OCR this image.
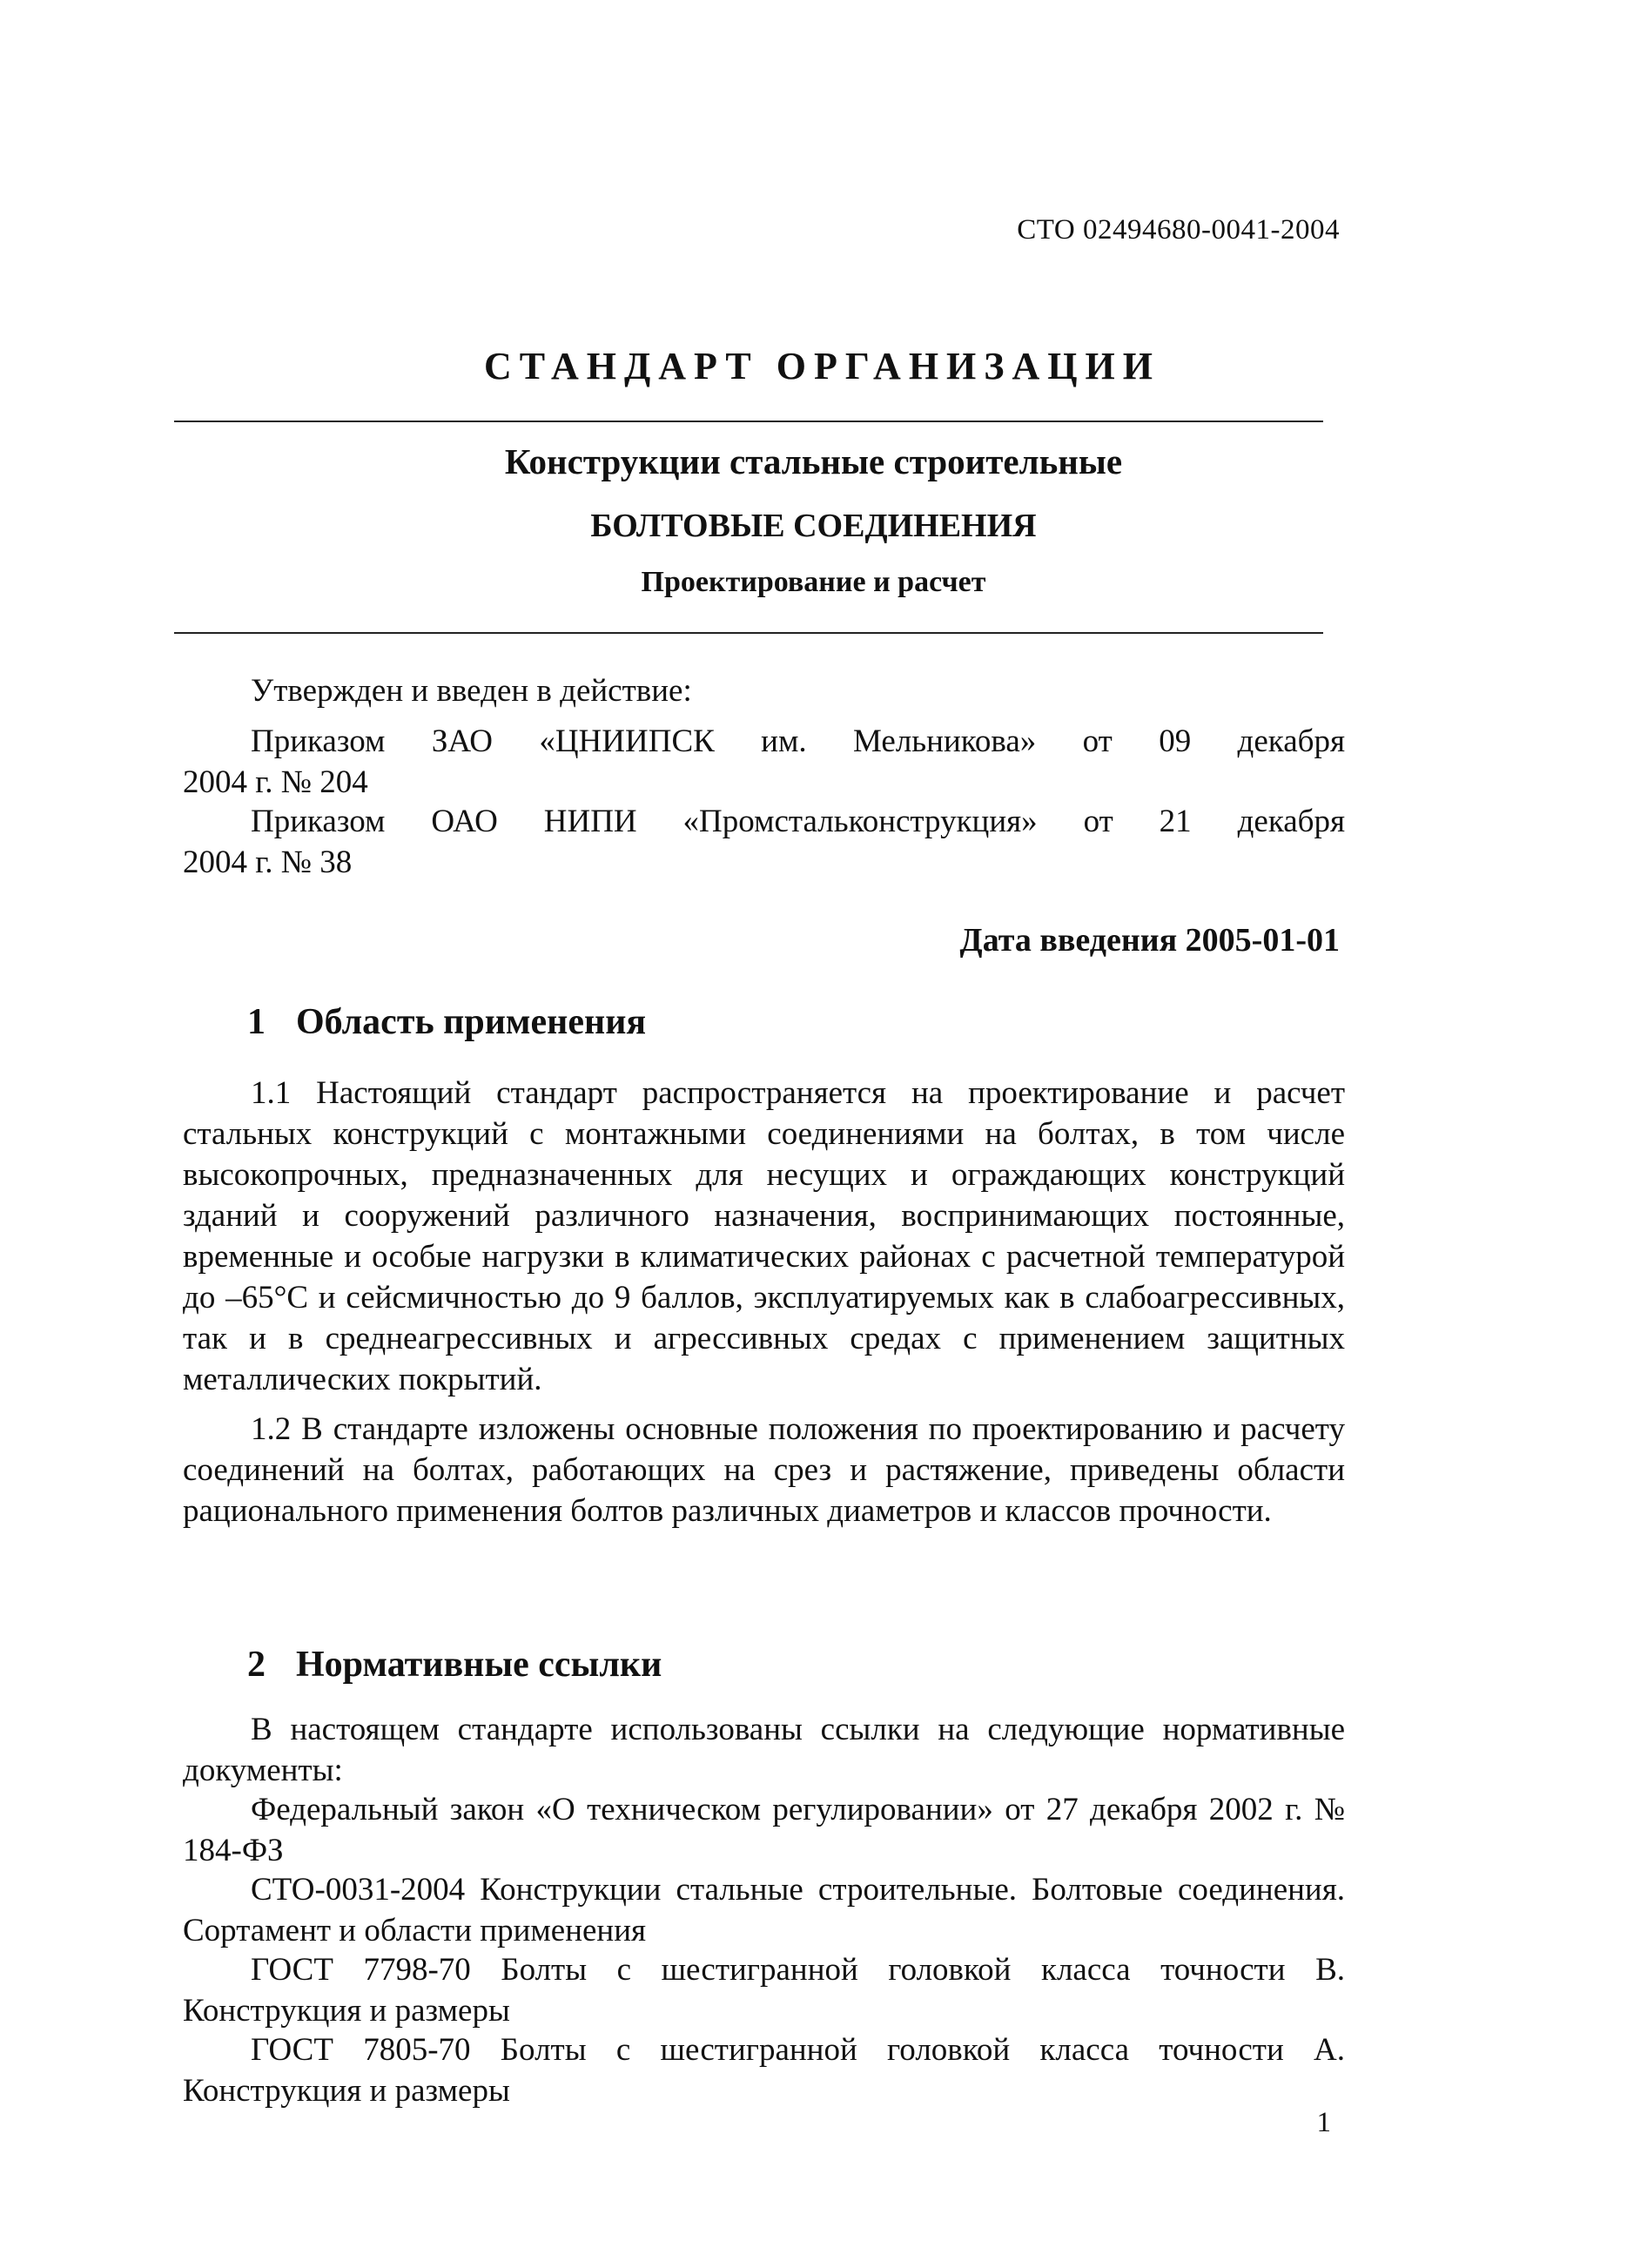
СТО 02494680-0041-2004
СТАНДАРТ ОРГАНИЗАЦИИ
Конструкции стальные строительные
БОЛТОВЫЕ СОЕДИНЕНИЯ
Проектирование и расчет
Утвержден и введен в действие:
Приказом ЗАО «ЦНИИПСК им. Мельникова» от 09 декабря
2004 г. № 204
Приказом ОАО НИПИ «Промстальконструкция» от 21 декабря
2004 г. № 38
Дата введения 2005-01-01
1 Область применения
1.1 Настоящий стандарт распространяется на проектирование и расчет стальных конструкций с монтажными соединениями на болтах, в том числе высокопрочных, предназначенных для несущих и ограждающих конструкций зданий и сооружений различного назначения, воспринимающих постоянные, временные и особые нагрузки в климатических районах с расчетной температурой до –65°С и сейсмичностью до 9 баллов, эксплуатируемых как в слабоагрессивных, так и в среднеагрессивных и агрессивных средах с применением защитных металлических покрытий.
1.2 В стандарте изложены основные положения по проектированию и расчету соединений на болтах, работающих на срез и растяжение, приведены области рационального применения болтов различных диаметров и классов прочности.
2 Нормативные ссылки
В настоящем стандарте использованы ссылки на следующие нормативные документы:
Федеральный закон «О техническом регулировании» от 27 декабря 2002 г. № 184-ФЗ
СТО-0031-2004 Конструкции стальные строительные. Болтовые соединения. Сортамент и области применения
ГОСТ 7798-70 Болты с шестигранной головкой класса точности В. Конструкция и размеры
ГОСТ 7805-70 Болты с шестигранной головкой класса точности А. Конструкция и размеры
1
